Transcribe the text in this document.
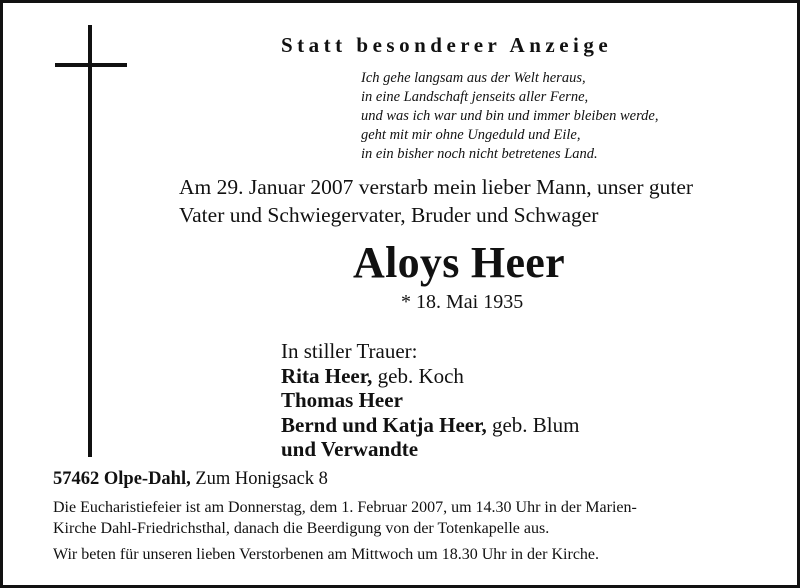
Statt besonderer Anzeige
Ich gehe langsam aus der Welt heraus,
in eine Landschaft jenseits aller Ferne,
und was ich war und bin und immer bleiben werde,
geht mit mir ohne Ungeduld und Eile,
in ein bisher noch nicht betretenes Land.
Am 29. Januar 2007 verstarb mein lieber Mann, unser guter
Vater und Schwiegervater, Bruder und Schwager
Aloys Heer
* 18. Mai 1935
In stiller Trauer:
Rita Heer, geb. Koch
Thomas Heer
Bernd und Katja Heer, geb. Blum
und Verwandte
57462 Olpe-Dahl, Zum Honigsack 8

Die Eucharistiefeier ist am Donnerstag, dem 1. Februar 2007, um 14.30 Uhr in der Marien-

Kirche Dahl-Friedrichsthal, danach die Beerdigung von der Totenkapelle aus.

Wir beten für unseren lieben Verstorbenen am Mittwoch um 18.30 Uhr in der Kirche.
